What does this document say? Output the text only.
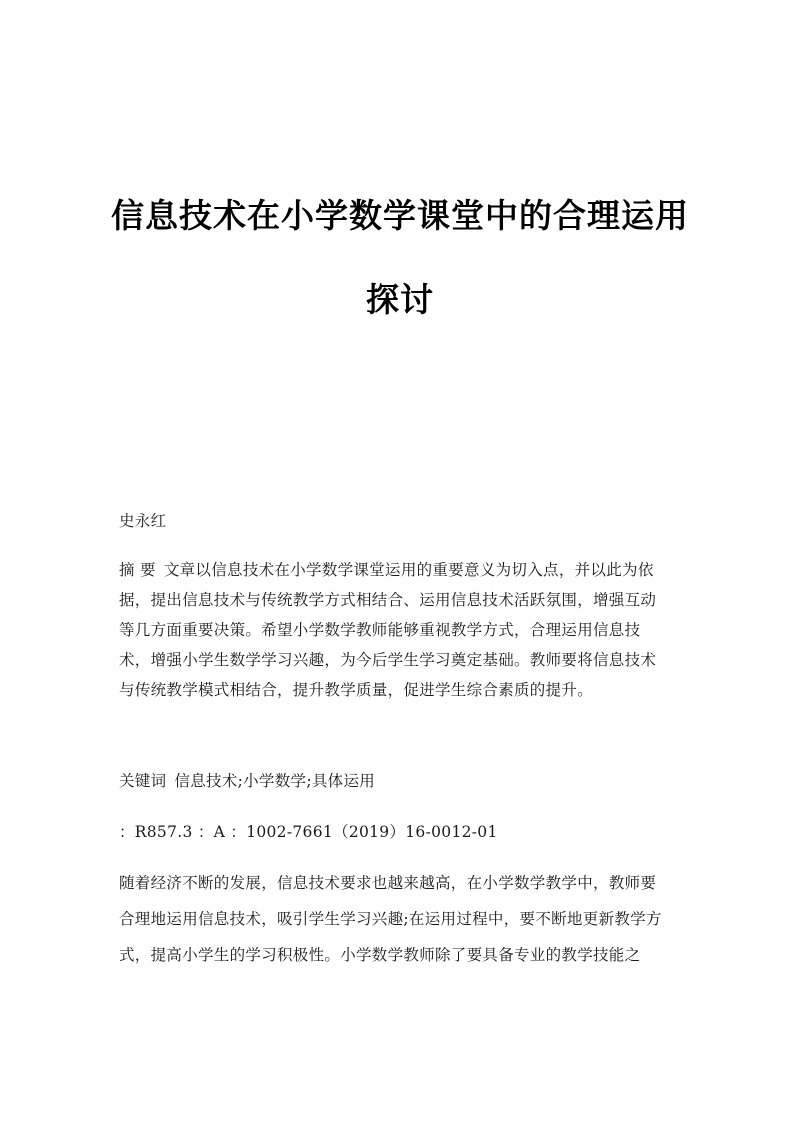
信息技术在小学数学课堂中的合理运用
探讨
史永红
摘 要 文章以信息技术在小学数学课堂运用的重要意义为切入点，并以此为依
据，提出信息技术与传统教学方式相结合、运用信息技术活跃氛围，增强互动
等几方面重要决策。希望小学数学教师能够重视教学方式，合理运用信息技
术，增强小学生数学学习兴趣，为今后学生学习奠定基础。教师要将信息技术
与传统教学模式相结合，提升教学质量，促进学生综合素质的提升。
关键词 信息技术;小学数学;具体运用
：R857.3 ：A ：1002-7661（2019）16-0012-01
随着经济不断的发展，信息技术要求也越来越高，在小学数学教学中，教师要
合理地运用信息技术，吸引学生学习兴趣;在运用过程中，要不断地更新教学方
式，提高小学生的学习积极性。小学数学教师除了要具备专业的教学技能之
